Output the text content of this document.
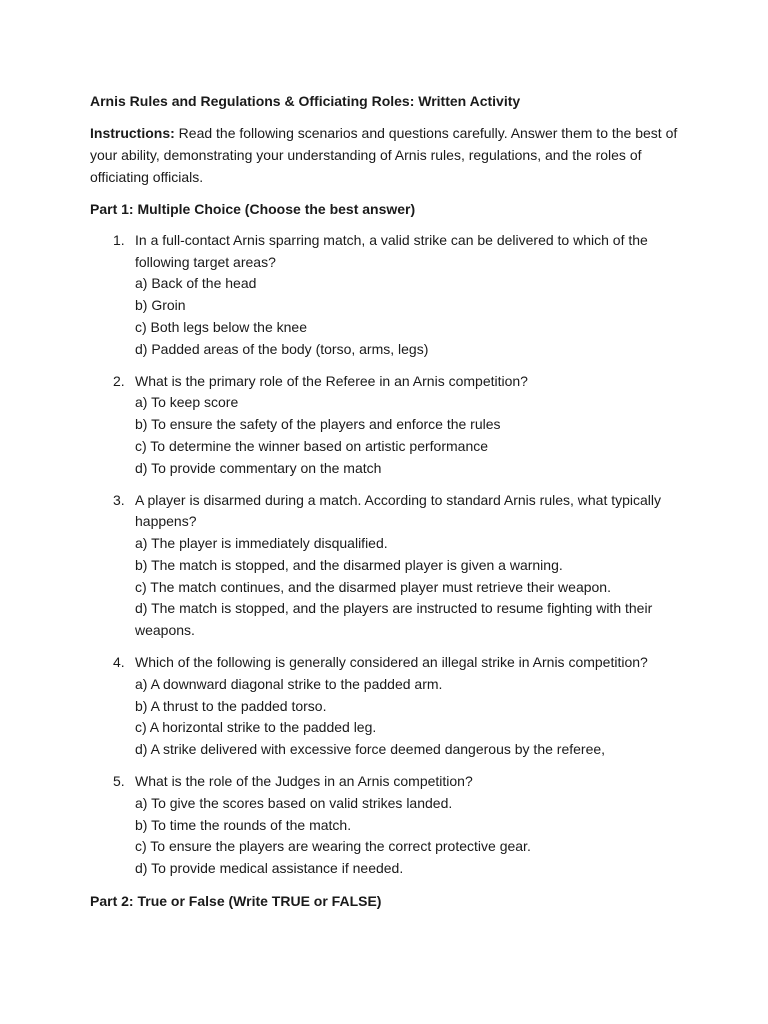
Arnis Rules and Regulations & Officiating Roles: Written Activity
Instructions: Read the following scenarios and questions carefully. Answer them to the best of your ability, demonstrating your understanding of Arnis rules, regulations, and the roles of officiating officials.
Part 1: Multiple Choice (Choose the best answer)
1. In a full-contact Arnis sparring match, a valid strike can be delivered to which of the following target areas?
a) Back of the head
b) Groin
c) Both legs below the knee
d) Padded areas of the body (torso, arms, legs)
2. What is the primary role of the Referee in an Arnis competition?
a) To keep score
b) To ensure the safety of the players and enforce the rules
c) To determine the winner based on artistic performance
d) To provide commentary on the match
3. A player is disarmed during a match. According to standard Arnis rules, what typically happens?
a) The player is immediately disqualified.
b) The match is stopped, and the disarmed player is given a warning.
c) The match continues, and the disarmed player must retrieve their weapon.
d) The match is stopped, and the players are instructed to resume fighting with their weapons.
4. Which of the following is generally considered an illegal strike in Arnis competition?
a) A downward diagonal strike to the padded arm.
b) A thrust to the padded torso.
c) A horizontal strike to the padded leg.
d) A strike delivered with excessive force deemed dangerous by the referee,
5. What is the role of the Judges in an Arnis competition?
a) To give the scores based on valid strikes landed.
b) To time the rounds of the match.
c) To ensure the players are wearing the correct protective gear.
d) To provide medical assistance if needed.
Part 2: True or False (Write TRUE or FALSE)
